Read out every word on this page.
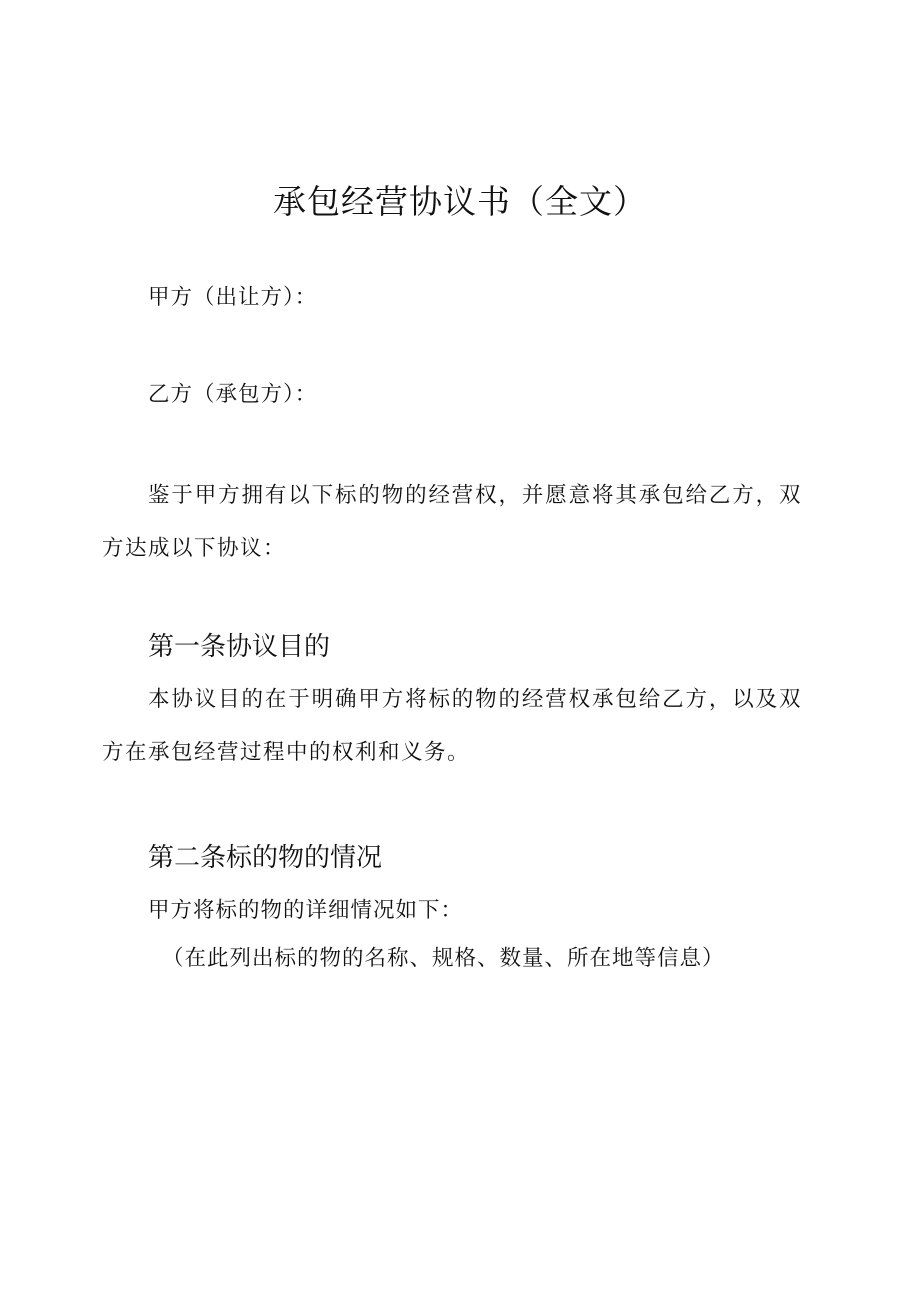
承包经营协议书（全文）

甲方（出让方）：

乙方（承包方）：

鉴于甲方拥有以下标的物的经营权，并愿意将其承包给乙方，双方达成以下协议：

第一条协议目的

本协议目的在于明确甲方将标的物的经营权承包给乙方，以及双方在承包经营过程中的权利和义务。

第二条标的物的情况

甲方将标的物的详细情况如下：

（在此列出标的物的名称、规格、数量、所在地等信息）
